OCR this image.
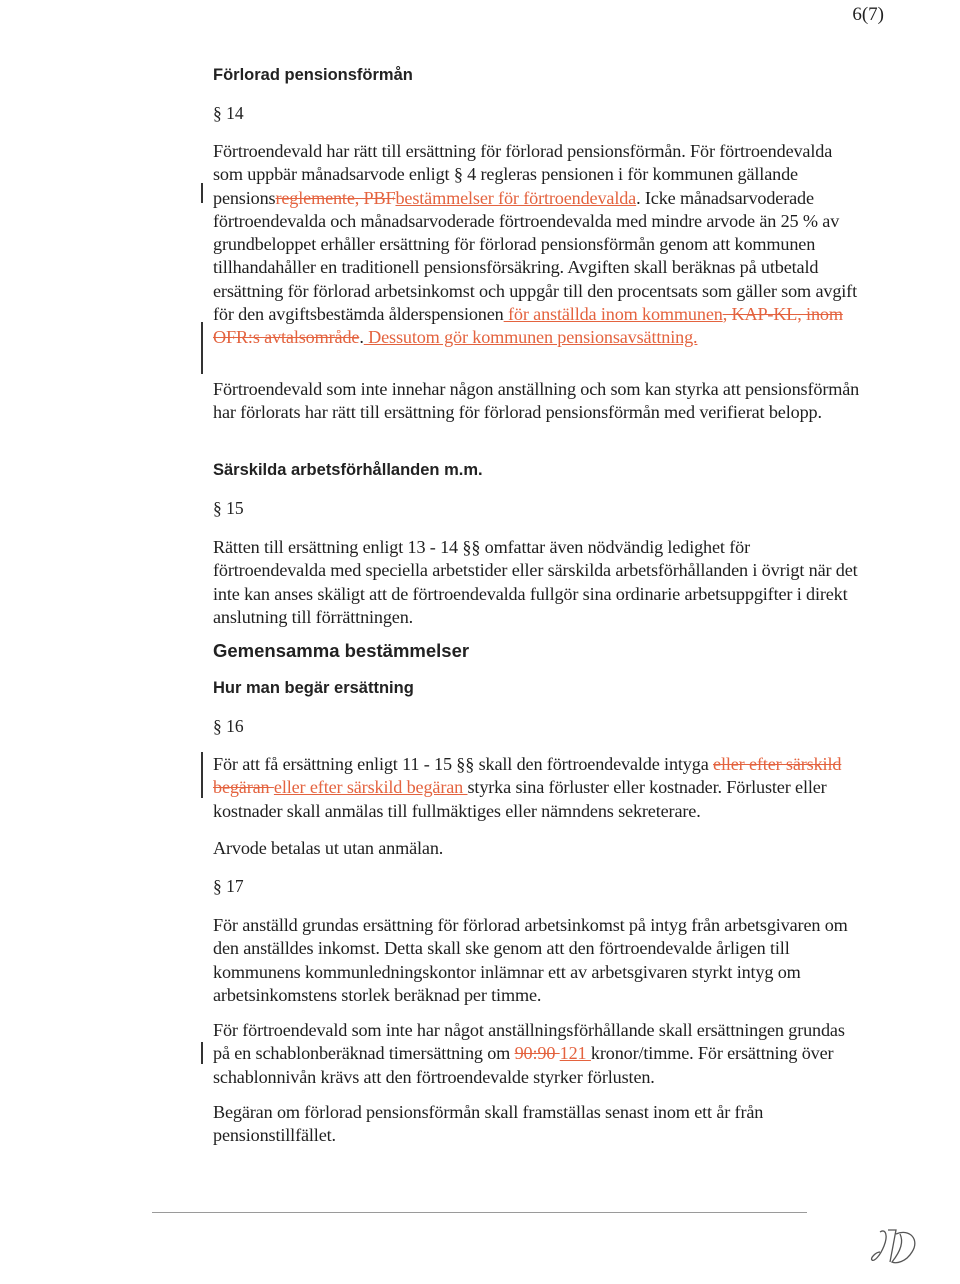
6(7)
Förlorad pensionsförmån
§ 14
Förtroendevald har rätt till ersättning för förlorad pensionsförmån. För förtroendevalda som uppbär månadsarvode enligt § 4 regleras pensionen i för kommunen gällande pensionsreglemente, PBFbestämmelser för förtroendevalda. Icke månadsarvoderade förtroendevalda och månadsarvoderade förtroendevalda med mindre arvode än 25 % av grundbeloppet erhåller ersättning för förlorad pensionsförmån genom att kommunen tillhandahåller en traditionell pensionsförsäkring. Avgiften skall beräknas på utbetald ersättning för förlorad arbetsinkomst och uppgår till den procentsats som gäller som avgift för den avgiftsbestämda ålderspensionen för anställda inom kommunen, KAP-KL, inom OFR:s avtalsområde. Dessutom gör kommunen pensionsavsättning.
Förtroendevald som inte innehar någon anställning och som kan styrka att pensionsförmån har förlorats har rätt till ersättning för förlorad pensionsförmån med verifierat belopp.
Särskilda arbetsförhållanden m.m.
§ 15
Rätten till ersättning enligt 13 - 14 §§ omfattar även nödvändig ledighet för förtroendevalda med speciella arbetstider eller särskilda arbetsförhållanden i övrigt när det inte kan anses skäligt att de förtroendevalda fullgör sina ordinarie arbetsuppgifter i direkt anslutning till förrättningen.
Gemensamma bestämmelser
Hur man begär ersättning
§ 16
För att få ersättning enligt 11 - 15 §§ skall den förtroendevalde intyga eller efter särskild begäran eller efter särskild begäran styrka sina förluster eller kostnader. Förluster eller kostnader skall anmälas till fullmäktiges eller nämndens sekreterare.
Arvode betalas ut utan anmälan.
§ 17
För anställd grundas ersättning för förlorad arbetsinkomst på intyg från arbetsgivaren om den anställdes inkomst. Detta skall ske genom att den förtroendevalde årligen till kommunens kommunledningskontor inlämnar ett av arbetsgivaren styrkt intyg om arbetsinkomstens storlek beräknad per timme.
För förtroendevald som inte har något anställningsförhållande skall ersättningen grundas på en schablonberäknad timersättning om 90:90 121 kronor/timme. För ersättning över schablonnivån krävs att den förtroendevalde styrker förlusten.
Begäran om förlorad pensionsförmån skall framställas senast inom ett år från pensionstillfället.
